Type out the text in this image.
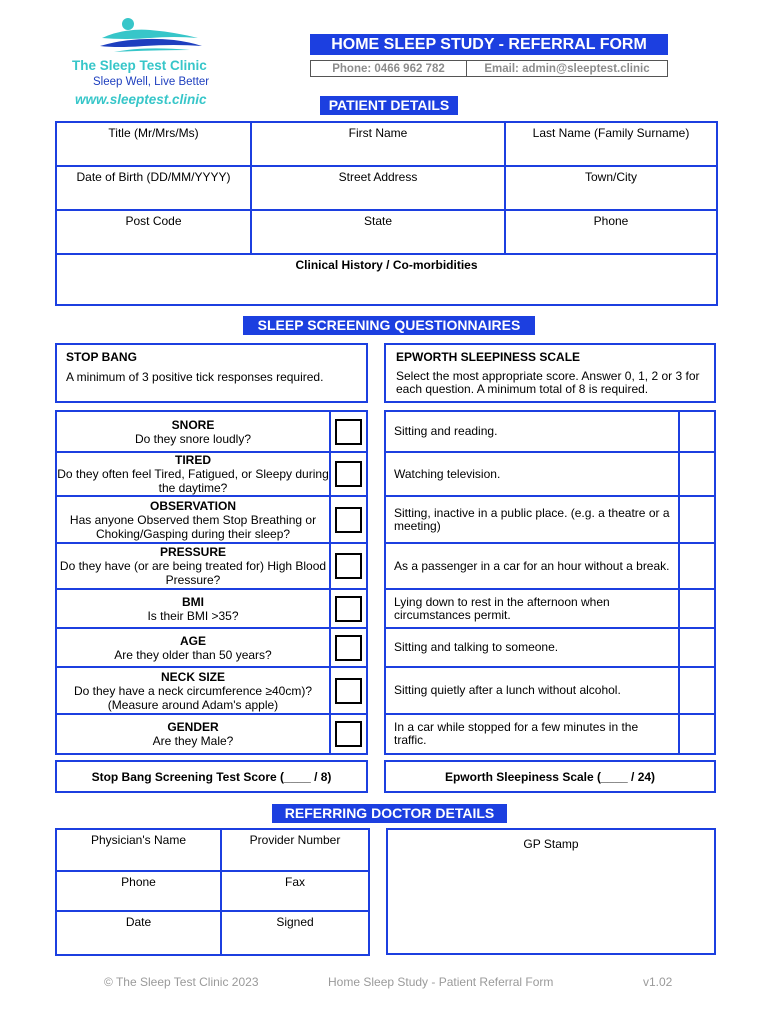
The Sleep Test Clinic
Sleep Well, Live Better
www.sleeptest.clinic
HOME SLEEP STUDY - REFERRAL FORM
Phone: 0466 962 782	Email: admin@sleeptest.clinic
PATIENT DETAILS
Title (Mr/Mrs/Ms)	First Name	Last Name (Family Surname)
Date of Birth (DD/MM/YYYY)	Street Address	Town/City
Post Code	State	Phone
Clinical History / Co-morbidities		
SLEEP SCREENING QUESTIONNAIRES
STOP BANG
A minimum of 3 positive tick responses required.
EPWORTH SLEEPINESS SCALE
Select the most appropriate score. Answer 0, 1, 2 or 3 for each question. A minimum total of 8 is required.
SNORE
Do they snore loudly?
TIRED
Do they often feel Tired, Fatigued, or Sleepy during the daytime?
OBSERVATION
Has anyone Observed them Stop Breathing or Choking/Gasping during their sleep?
PRESSURE
Do they have (or are being treated for) High Blood Pressure?
BMI
Is their BMI >35?
AGE
Are they older than 50 years?
NECK SIZE
Do they have a neck circumference ≥40cm)? (Measure around Adam's apple)
GENDER
Are they Male?
Sitting and reading.
Watching television.
Sitting, inactive in a public place. (e.g. a theatre or a meeting)
As a passenger in a car for an hour without a break.
Lying down to rest in the afternoon when circumstances permit.
Sitting and talking to someone.
Sitting quietly after a lunch without alcohol.
In a car while stopped for a few minutes in the traffic.
Stop Bang Screening Test Score (____ / 8)	Epworth Sleepiness Scale (____ / 24)
REFERRING DOCTOR DETAILS
Physician's Name	Provider Number
Phone	Fax
Date	Signed
GP Stamp
© The Sleep Test Clinic 2023	Home Sleep Study - Patient Referral Form	v1.02
